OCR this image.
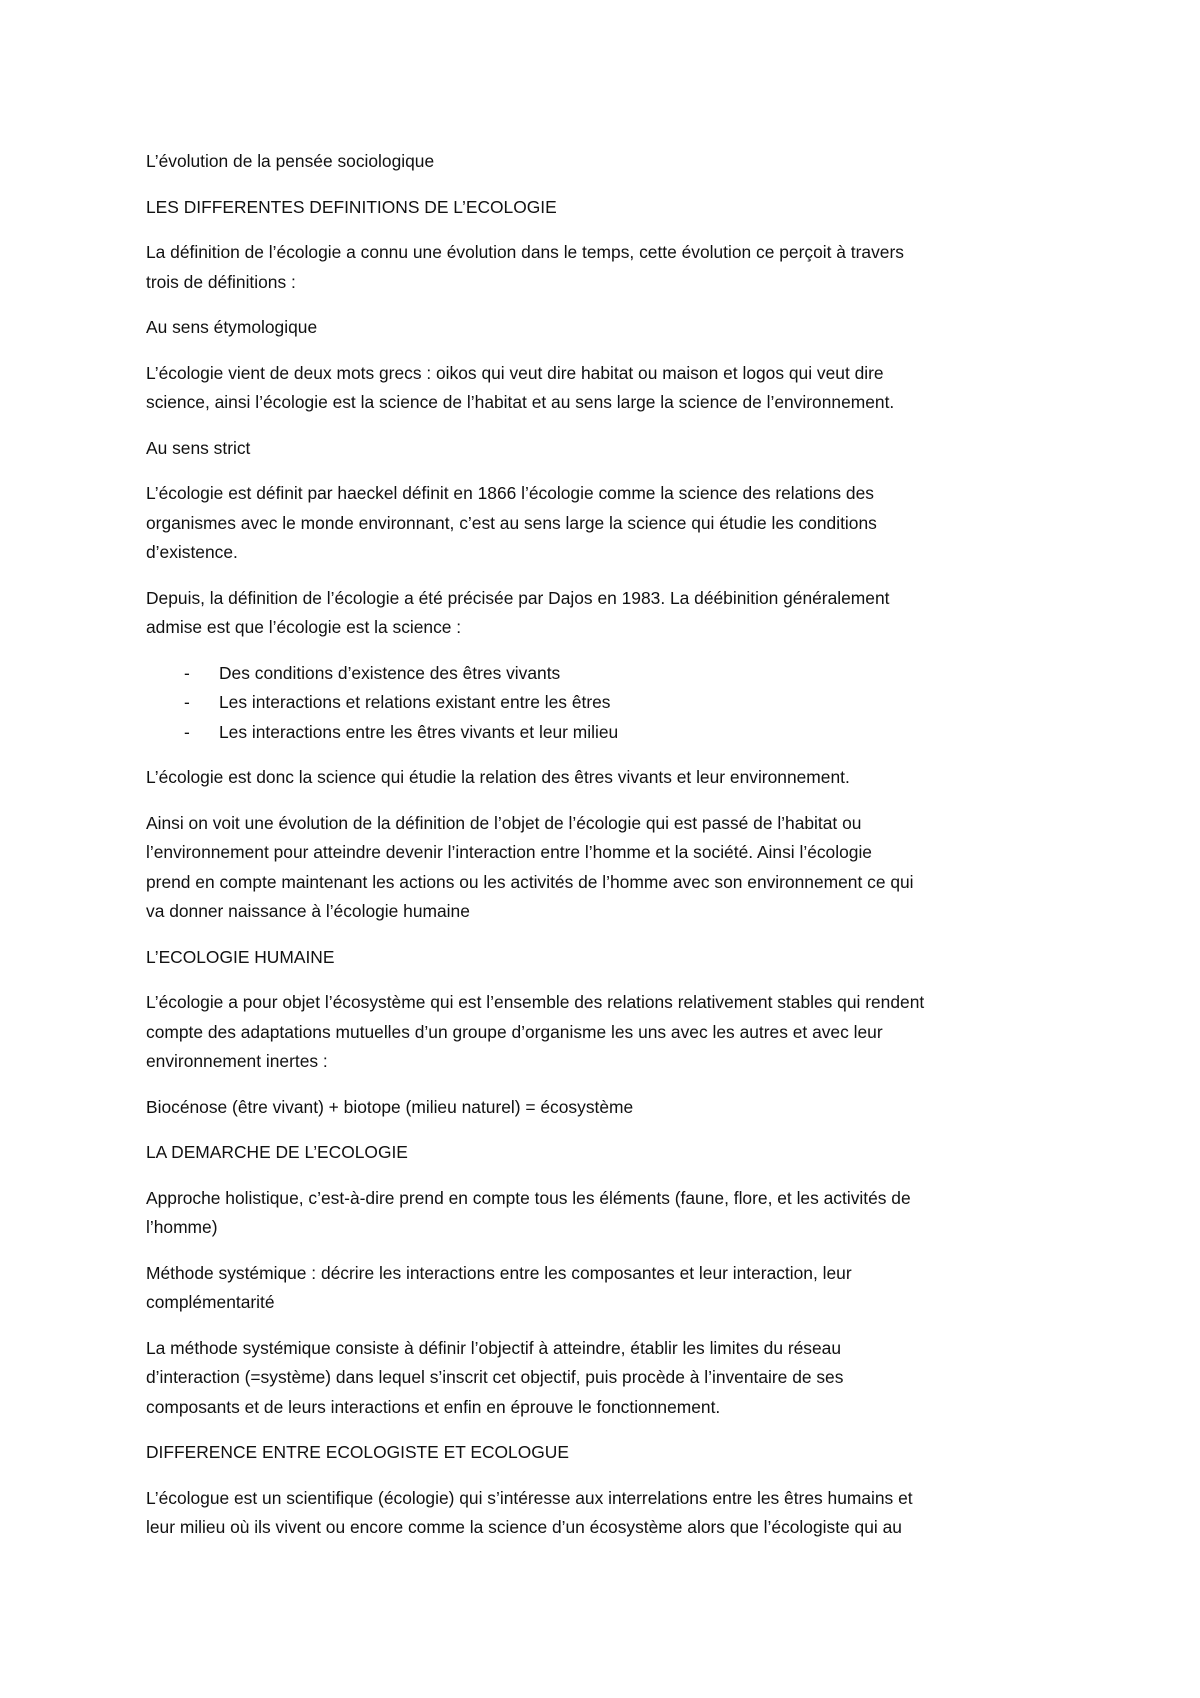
L’évolution de la pensée sociologique

LES DIFFERENTES DEFINITIONS DE L’ECOLOGIE

La définition de l’écologie a connu une évolution dans le temps, cette évolution ce perçoit à travers

trois de définitions :

Au sens étymologique

L’écologie vient de deux mots grecs : oikos qui veut dire habitat ou maison et logos qui veut dire

science, ainsi l’écologie est la science de l’habitat et au sens large la science de l’environnement.

Au sens strict

L’écologie est définit par haeckel définit en 1866 l’écologie comme la science des relations des

organismes avec le monde environnant, c’est au sens large la science qui étudie les conditions

d’existence.

Depuis, la définition de l’écologie a été précisée par Dajos en 1983. La déébinition généralement

admise est que l’écologie est la science :

- Des conditions d’existence des êtres vivants
- Les interactions et relations existant entre les êtres
- Les interactions entre les êtres vivants et leur milieu

L’écologie est donc la science qui étudie la relation des êtres vivants et leur environnement.

Ainsi on voit une évolution de la définition de l’objet de l’écologie qui est passé de l’habitat ou

l’environnement pour atteindre devenir l’interaction entre l’homme et la société. Ainsi l’écologie

prend en compte maintenant les actions ou les activités de l’homme avec son environnement ce qui

va donner naissance à l’écologie humaine

L’ECOLOGIE HUMAINE

L’écologie a pour objet l’écosystème qui est l’ensemble des relations relativement stables qui rendent

compte des adaptations mutuelles d’un groupe d’organisme les uns avec les autres et avec leur

environnement inertes :

Biocénose (être vivant) + biotope (milieu naturel) = écosystème

LA DEMARCHE DE L’ECOLOGIE

Approche holistique, c’est-à-dire prend en compte tous les éléments (faune, flore, et les activités de

l’homme)

Méthode systémique : décrire les interactions entre les composantes et leur interaction, leur

complémentarité

La méthode systémique consiste à définir l’objectif à atteindre, établir les limites du réseau

d’interaction (=système) dans lequel s’inscrit cet objectif, puis procède à l’inventaire de ses

composants et de leurs interactions et enfin en éprouve le fonctionnement.

DIFFERENCE ENTRE ECOLOGISTE ET ECOLOGUE

L’écologue est un scientifique (écologie) qui s’intéresse aux interrelations entre les êtres humains et

leur milieu où ils vivent ou encore comme la science d’un écosystème alors que l’écologiste qui au
